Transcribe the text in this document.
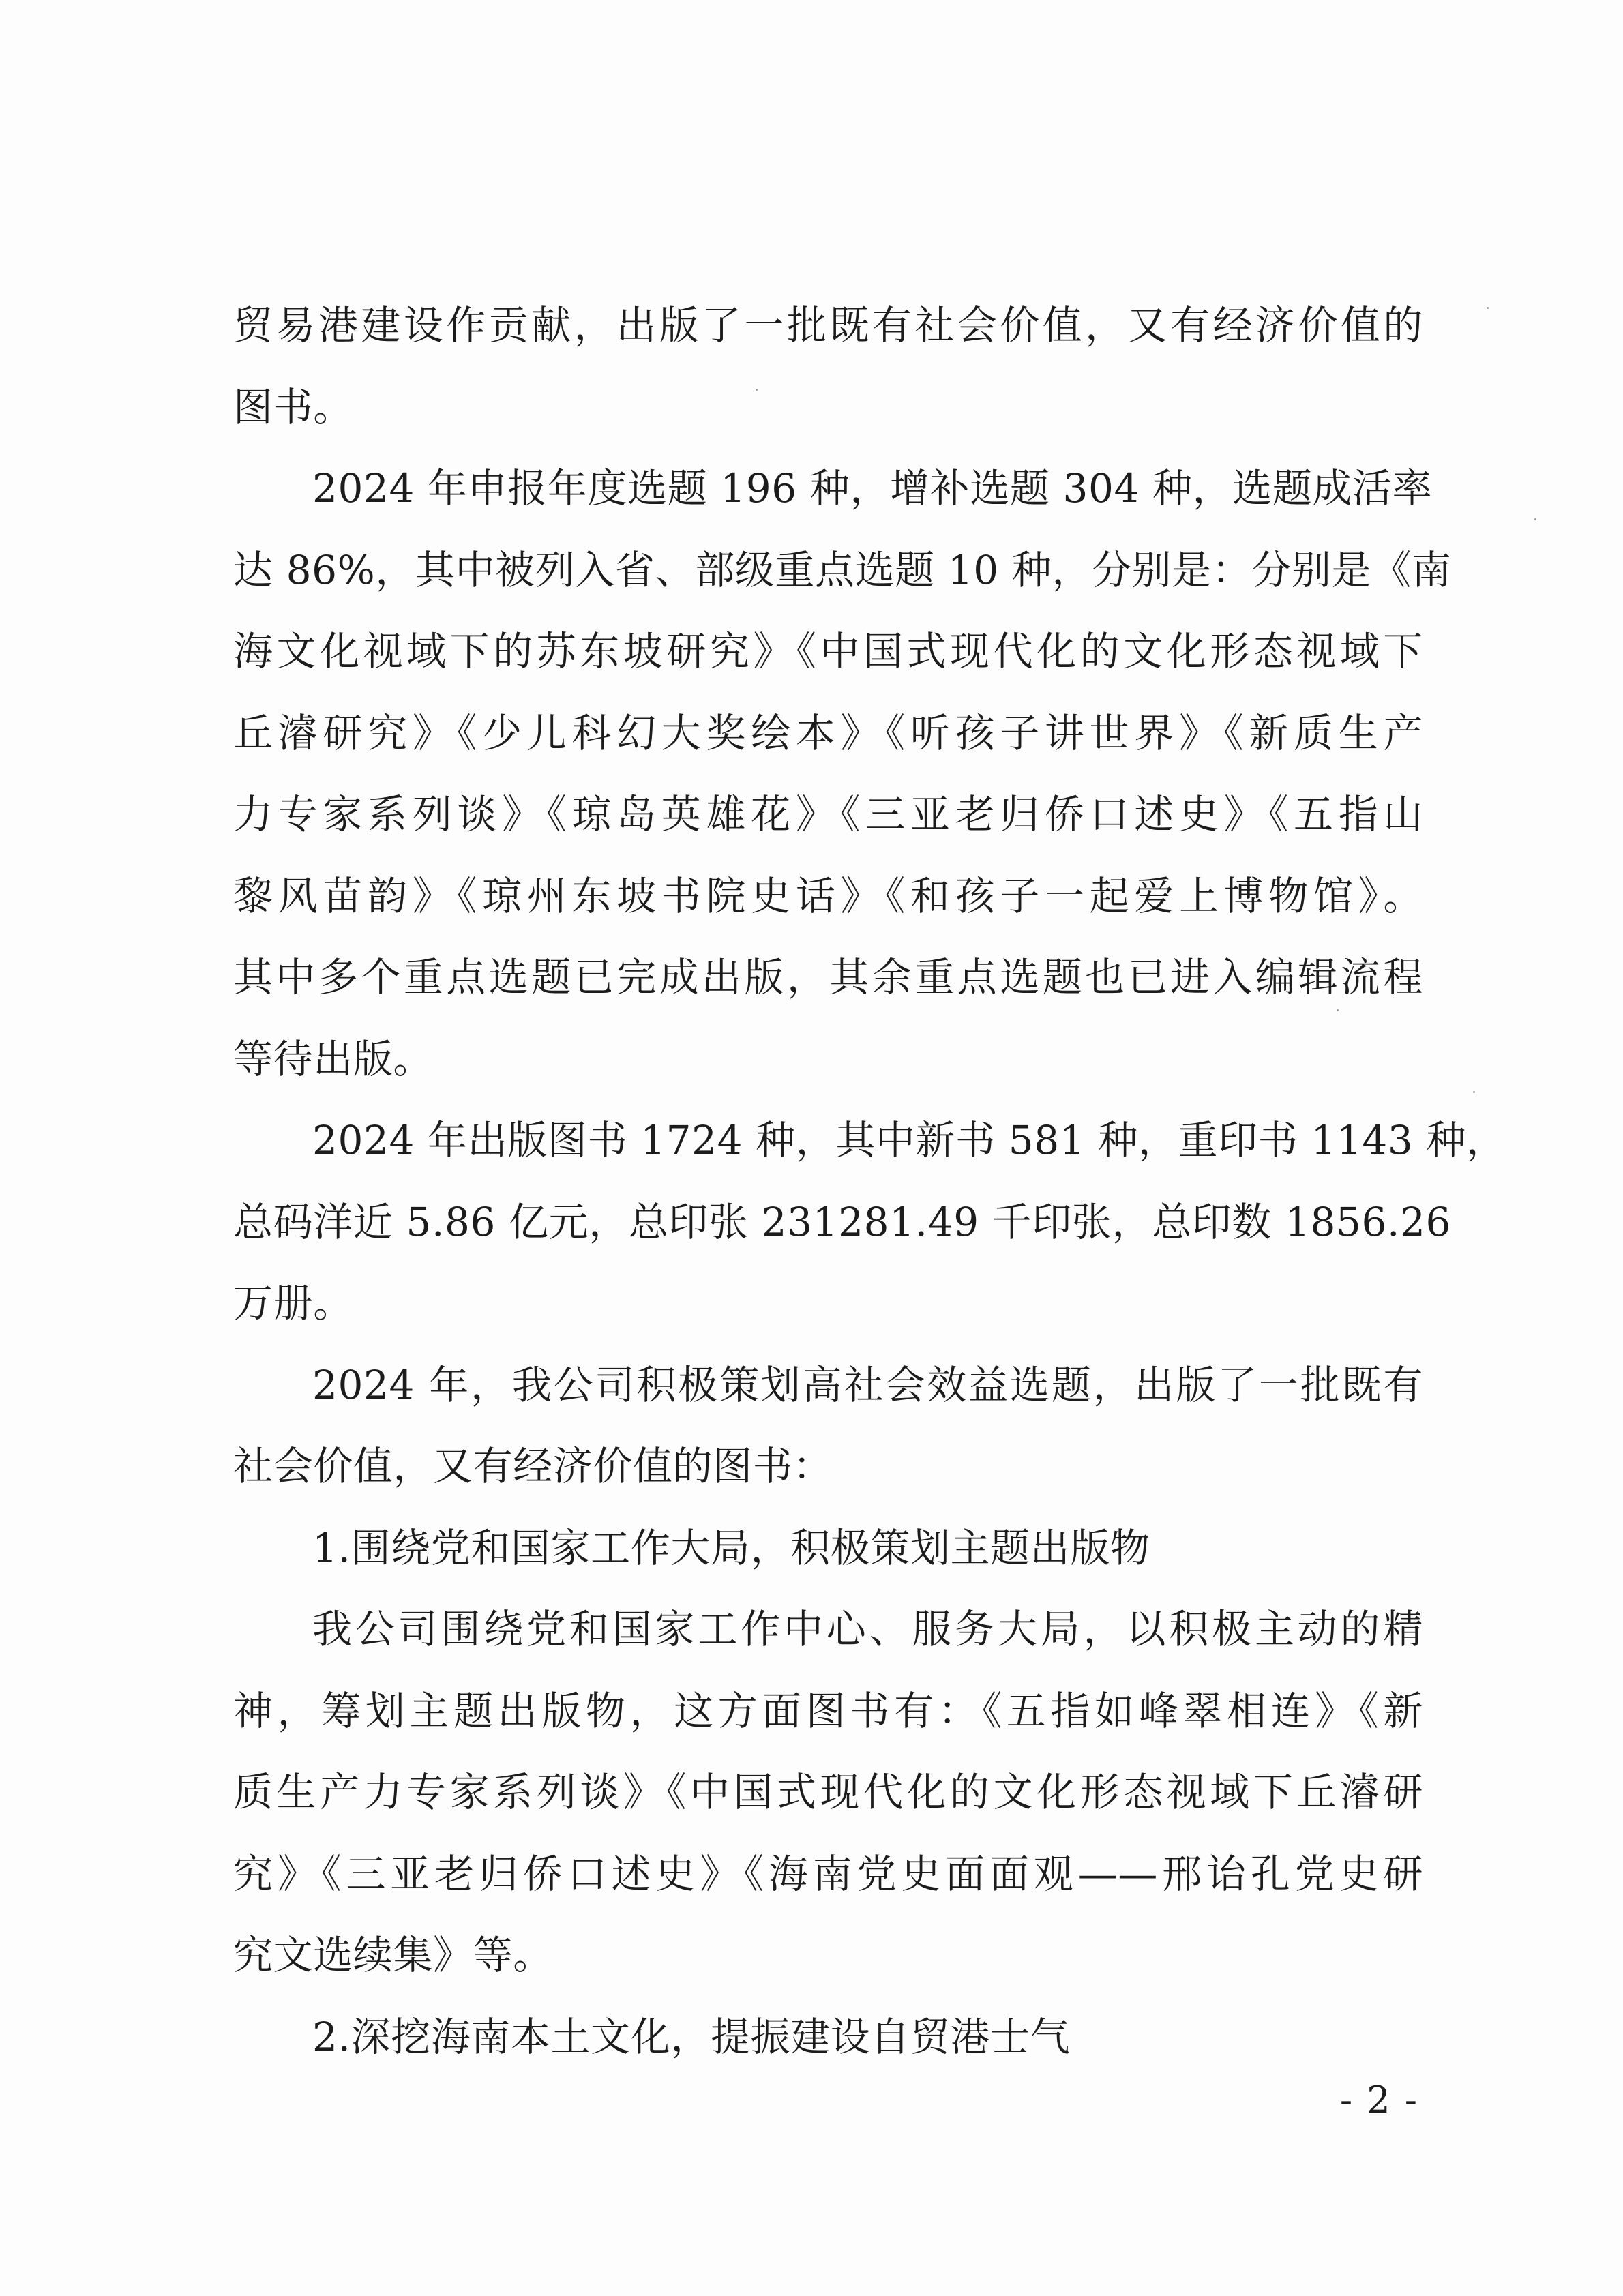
贸易港建设作贡献，出版了一批既有社会价值，又有经济价值的
图书。
2024 年申报年度选题 196 种，增补选题 304 种，选题成活率
达 86%，其中被列入省、部级重点选题 10 种，分别是：分别是《南
海文化视域下的苏东坡研究》《中国式现代化的文化形态视域下
丘濬研究》《少儿科幻大奖绘本》《听孩子讲世界》《新质生产
力专家系列谈》《琼岛英雄花》《三亚老归侨口述史》《五指山
黎风苗韵》《琼州东坡书院史话》《和孩子一起爱上博物馆》。
其中多个重点选题已完成出版，其余重点选题也已进入编辑流程
等待出版。
2024 年出版图书 1724 种，其中新书 581 种，重印书 1143 种，
总码洋近 5.86 亿元，总印张 231281.49 千印张，总印数 1856.26
万册。
2024 年，我公司积极策划高社会效益选题，出版了一批既有
社会价值，又有经济价值的图书：
1.围绕党和国家工作大局，积极策划主题出版物
我公司围绕党和国家工作中心、服务大局，以积极主动的精
神，筹划主题出版物，这方面图书有：《五指如峰翠相连》《新
质生产力专家系列谈》《中国式现代化的文化形态视域下丘濬研
究》《三亚老归侨口述史》《海南党史面面观——邢诒孔党史研
究文选续集》等。
2.深挖海南本土文化，提振建设自贸港士气
- 2 -
